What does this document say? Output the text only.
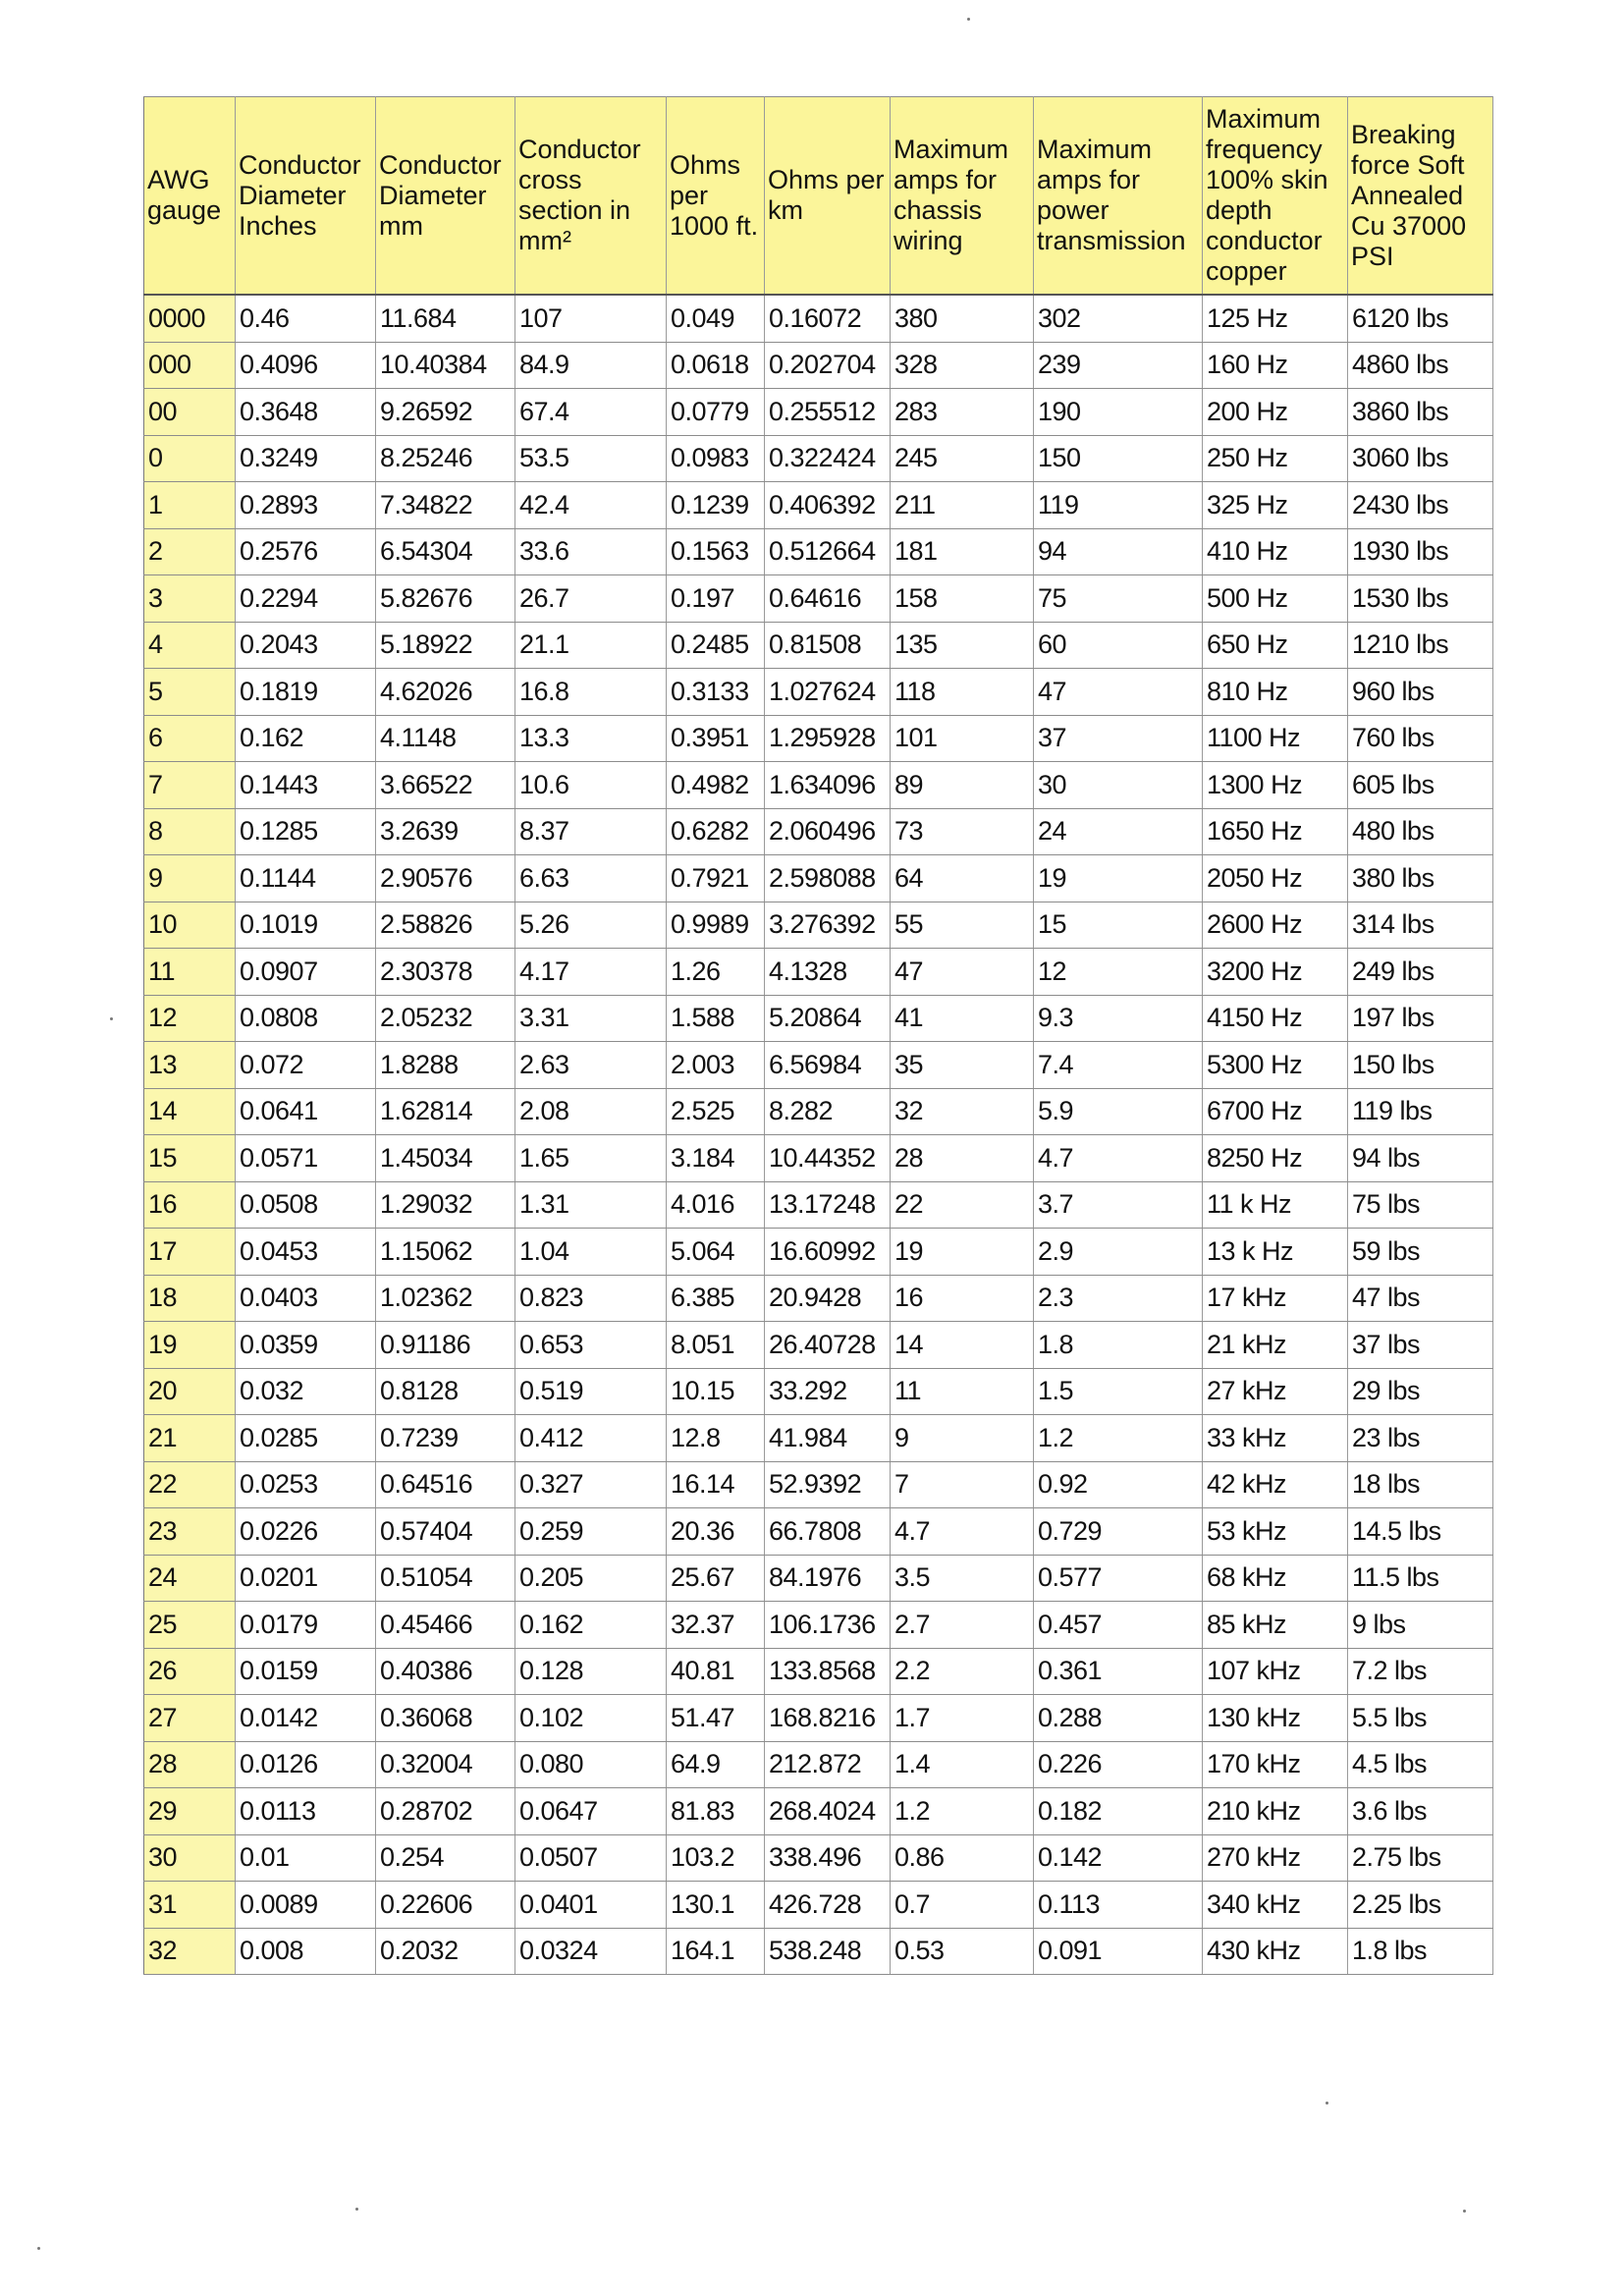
AWG gauge	Conductor Diameter Inches	Conductor Diameter mm	Conductor cross section in mm²	Ohms per 1000 ft.	Ohms per km	Maximum amps for chassis wiring	Maximum amps for power transmission	Maximum frequency 100% skin depth conductor copper	Breaking force Soft Annealed Cu 37000 PSI
0000	0.46	11.684	107	0.049	0.16072	380	302	125 Hz	6120 lbs
000	0.4096	10.40384	84.9	0.0618	0.202704	328	239	160 Hz	4860 lbs
00	0.3648	9.26592	67.4	0.0779	0.255512	283	190	200 Hz	3860 lbs
0	0.3249	8.25246	53.5	0.0983	0.322424	245	150	250 Hz	3060 lbs
1	0.2893	7.34822	42.4	0.1239	0.406392	211	119	325 Hz	2430 lbs
2	0.2576	6.54304	33.6	0.1563	0.512664	181	94	410 Hz	1930 lbs
3	0.2294	5.82676	26.7	0.197	0.64616	158	75	500 Hz	1530 lbs
4	0.2043	5.18922	21.1	0.2485	0.81508	135	60	650 Hz	1210 lbs
5	0.1819	4.62026	16.8	0.3133	1.027624	118	47	810 Hz	960 lbs
6	0.162	4.1148	13.3	0.3951	1.295928	101	37	1100 Hz	760 lbs
7	0.1443	3.66522	10.6	0.4982	1.634096	89	30	1300 Hz	605 lbs
8	0.1285	3.2639	8.37	0.6282	2.060496	73	24	1650 Hz	480 lbs
9	0.1144	2.90576	6.63	0.7921	2.598088	64	19	2050 Hz	380 lbs
10	0.1019	2.58826	5.26	0.9989	3.276392	55	15	2600 Hz	314 lbs
11	0.0907	2.30378	4.17	1.26	4.1328	47	12	3200 Hz	249 lbs
12	0.0808	2.05232	3.31	1.588	5.20864	41	9.3	4150 Hz	197 lbs
13	0.072	1.8288	2.63	2.003	6.56984	35	7.4	5300 Hz	150 lbs
14	0.0641	1.62814	2.08	2.525	8.282	32	5.9	6700 Hz	119 lbs
15	0.0571	1.45034	1.65	3.184	10.44352	28	4.7	8250 Hz	94 lbs
16	0.0508	1.29032	1.31	4.016	13.17248	22	3.7	11 k Hz	75 lbs
17	0.0453	1.15062	1.04	5.064	16.60992	19	2.9	13 k Hz	59 lbs
18	0.0403	1.02362	0.823	6.385	20.9428	16	2.3	17 kHz	47 lbs
19	0.0359	0.91186	0.653	8.051	26.40728	14	1.8	21 kHz	37 lbs
20	0.032	0.8128	0.519	10.15	33.292	11	1.5	27 kHz	29 lbs
21	0.0285	0.7239	0.412	12.8	41.984	9	1.2	33 kHz	23 lbs
22	0.0253	0.64516	0.327	16.14	52.9392	7	0.92	42 kHz	18 lbs
23	0.0226	0.57404	0.259	20.36	66.7808	4.7	0.729	53 kHz	14.5 lbs
24	0.0201	0.51054	0.205	25.67	84.1976	3.5	0.577	68 kHz	11.5 lbs
25	0.0179	0.45466	0.162	32.37	106.1736	2.7	0.457	85 kHz	9 lbs
26	0.0159	0.40386	0.128	40.81	133.8568	2.2	0.361	107 kHz	7.2 lbs
27	0.0142	0.36068	0.102	51.47	168.8216	1.7	0.288	130 kHz	5.5 lbs
28	0.0126	0.32004	0.080	64.9	212.872	1.4	0.226	170 kHz	4.5 lbs
29	0.0113	0.28702	0.0647	81.83	268.4024	1.2	0.182	210 kHz	3.6 lbs
30	0.01	0.254	0.0507	103.2	338.496	0.86	0.142	270 kHz	2.75 lbs
31	0.0089	0.22606	0.0401	130.1	426.728	0.7	0.113	340 kHz	2.25 lbs
32	0.008	0.2032	0.0324	164.1	538.248	0.53	0.091	430 kHz	1.8 lbs
